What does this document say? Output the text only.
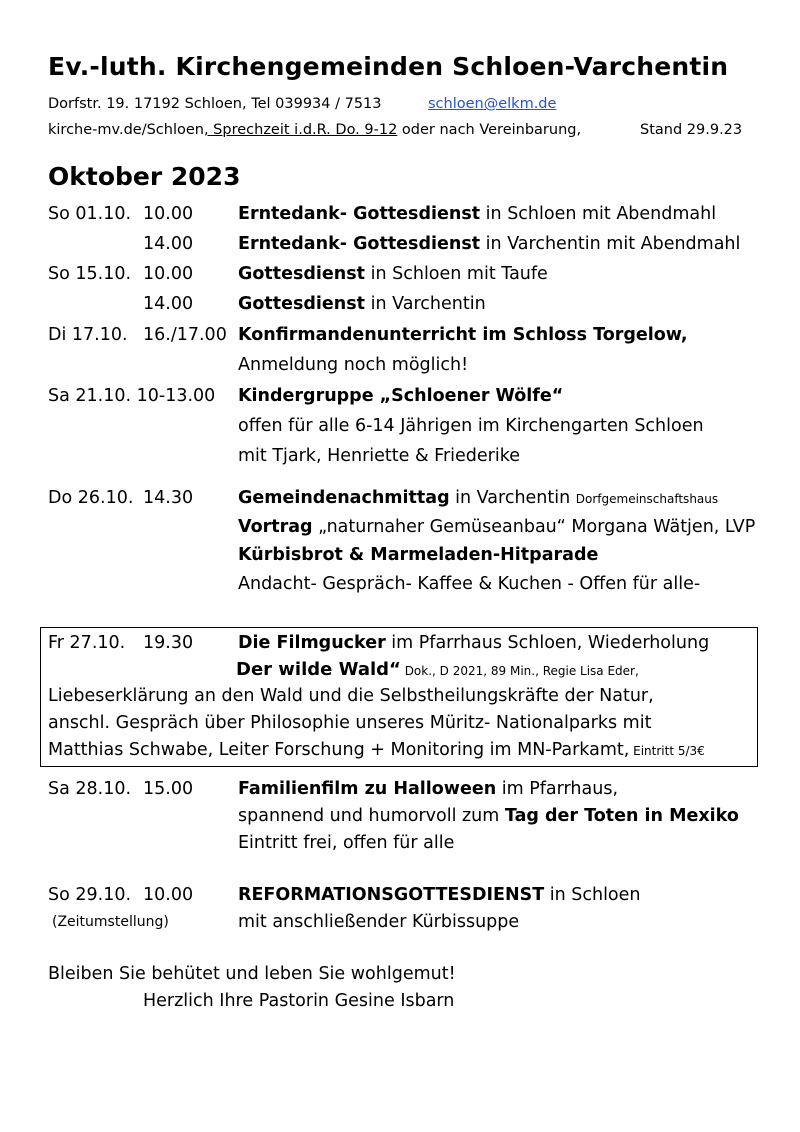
Ev.-luth. Kirchengemeinden Schloen-Varchentin
Dorfstr. 19. 17192 Schloen, Tel 039934 / 7513	schloen@elkm.de
kirche-mv.de/Schloen, Sprechzeit i.d.R. Do. 9-12 oder nach Vereinbarung,	Stand 29.9.23
Oktober 2023
So 01.10. 10.00	Erntedank- Gottesdienst in Schloen mit Abendmahl
14.00	Erntedank- Gottesdienst in Varchentin mit Abendmahl
So 15.10. 10.00	Gottesdienst in Schloen mit Taufe
14.00	Gottesdienst in Varchentin
Di 17.10. 16./17.00 Konfirmandenunterricht im Schloss Torgelow,
Anmeldung noch möglich!
Sa 21.10. 10-13.00 Kindergruppe „Schloener Wölfe“
offen für alle 6-14 Jährigen im Kirchengarten Schloen
mit Tjark, Henriette & Friederike
Do 26.10. 14.30	Gemeindenachmittag in Varchentin Dorfgemeinschaftshaus
Vortrag „naturnaher Gemüseanbau“ Morgana Wätjen, LVP
Kürbisbrot & Marmeladen-Hitparade
Andacht- Gespräch- Kaffee & Kuchen - Offen für alle-
Fr 27.10. 19.30	Die Filmgucker im Pfarrhaus Schloen, Wiederholung
Der wilde Wald“ Dok., D 2021, 89 Min., Regie Lisa Eder,
Liebeserklärung an den Wald und die Selbstheilungskräfte der Natur,
anschl. Gespräch über Philosophie unseres Müritz- Nationalparks mit
Matthias Schwabe, Leiter Forschung + Monitoring im MN-Parkamt, Eintritt 5/3€
Sa 28.10. 15.00	Familienfilm zu Halloween im Pfarrhaus,
spannend und humorvoll zum Tag der Toten in Mexiko
Eintritt frei, offen für alle
So 29.10. 10.00	REFORMATIONSGOTTESDIENST in Schloen
(Zeitumstellung)	mit anschließender Kürbissuppe
Bleiben Sie behütet und leben Sie wohlgemut!
Herzlich Ihre Pastorin Gesine Isbarn
